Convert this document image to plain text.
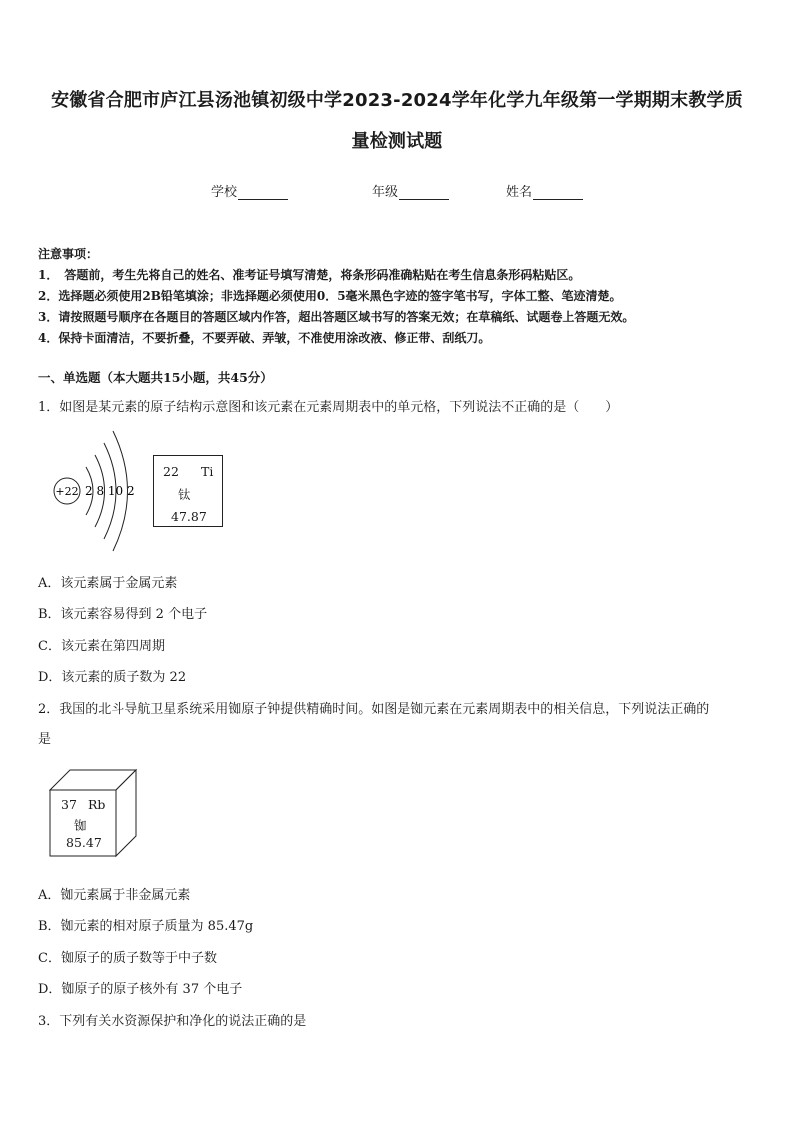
安徽省合肥市庐江县汤池镇初级中学2023-2024学年化学九年级第一学期期末教学质
量检测试题
学校	年级	姓名
注意事项：
1．　答题前，考生先将自己的姓名、准考证号填写清楚，将条形码准确粘贴在考生信息条形码粘贴区。
2．选择题必须使用2B铅笔填涂；非选择题必须使用0．5毫米黑色字迹的签字笔书写，字体工整、笔迹清楚。
3．请按照题号顺序在各题目的答题区域内作答，超出答题区域书写的答案无效；在草稿纸、试题卷上答题无效。
4．保持卡面清洁，不要折叠，不要弄破、弄皱，不准使用涂改液、修正带、刮纸刀。
一、单选题（本大题共15小题，共45分）
1．如图是某元素的原子结构示意图和该元素在元素周期表中的单元格，下列说法不正确的是（　　）
+22 2 8 10 2
22 Ti
钛
47.87
A．该元素属于金属元素
B．该元素容易得到 2 个电子
C．该元素在第四周期
D．该元素的质子数为 22
2．我国的北斗导航卫星系统采用铷原子钟提供精确时间。如图是铷元素在元素周期表中的相关信息，下列说法正确的
是
37 Rb
铷
85.47
A．铷元素属于非金属元素
B．铷元素的相对原子质量为 85.47g
C．铷原子的质子数等于中子数
D．铷原子的原子核外有 37 个电子
3．下列有关水资源保护和净化的说法正确的是
